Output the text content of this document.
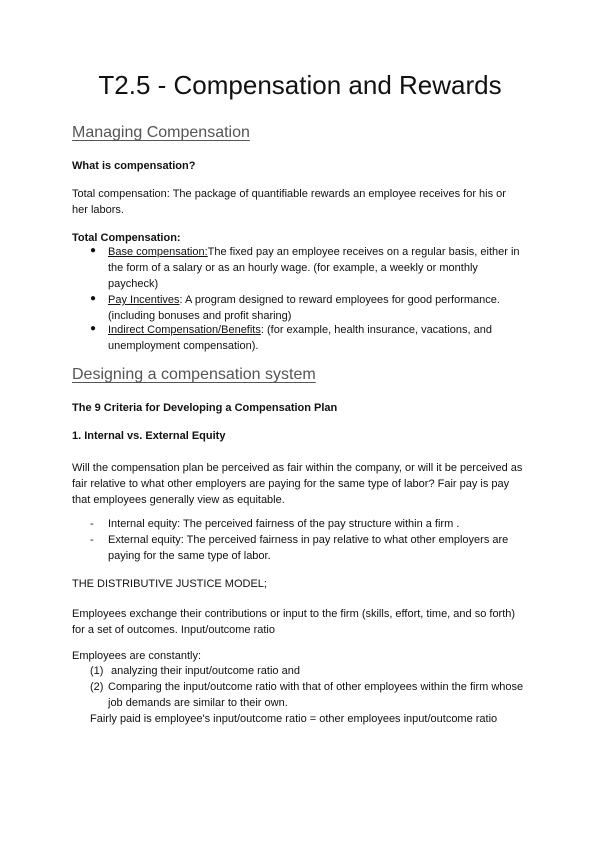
T2.5 - Compensation and Rewards
Managing Compensation
What is compensation?
Total compensation: The package of quantifiable rewards an employee receives for his or
her labors.
Total Compensation:
● Base compensation:The fixed pay an employee receives on a regular basis, either in
the form of a salary or as an hourly wage. (for example, a weekly or monthly
paycheck)
● Pay Incentives: A program designed to reward employees for good performance.
(including bonuses and profit sharing)
● Indirect Compensation/Benefits: (for example, health insurance, vacations, and
unemployment compensation).
Designing a compensation system
The 9 Criteria for Developing a Compensation Plan
1. Internal vs. External Equity
Will the compensation plan be perceived as fair within the company, or will it be perceived as
fair relative to what other employers are paying for the same type of labor? Fair pay is pay
that employees generally view as equitable.
- Internal equity: The perceived fairness of the pay structure within a firm .
- External equity: The perceived fairness in pay relative to what other employers are
paying for the same type of labor.
THE DISTRIBUTIVE JUSTICE MODEL;
Employees exchange their contributions or input to the firm (skills, effort, time, and so forth)
for a set of outcomes. Input/outcome ratio
Employees are constantly:
(1) analyzing their input/outcome ratio and
(2) Comparing the input/outcome ratio with that of other employees within the firm whose
job demands are similar to their own.
Fairly paid is employee's input/outcome ratio = other employees input/outcome ratio
